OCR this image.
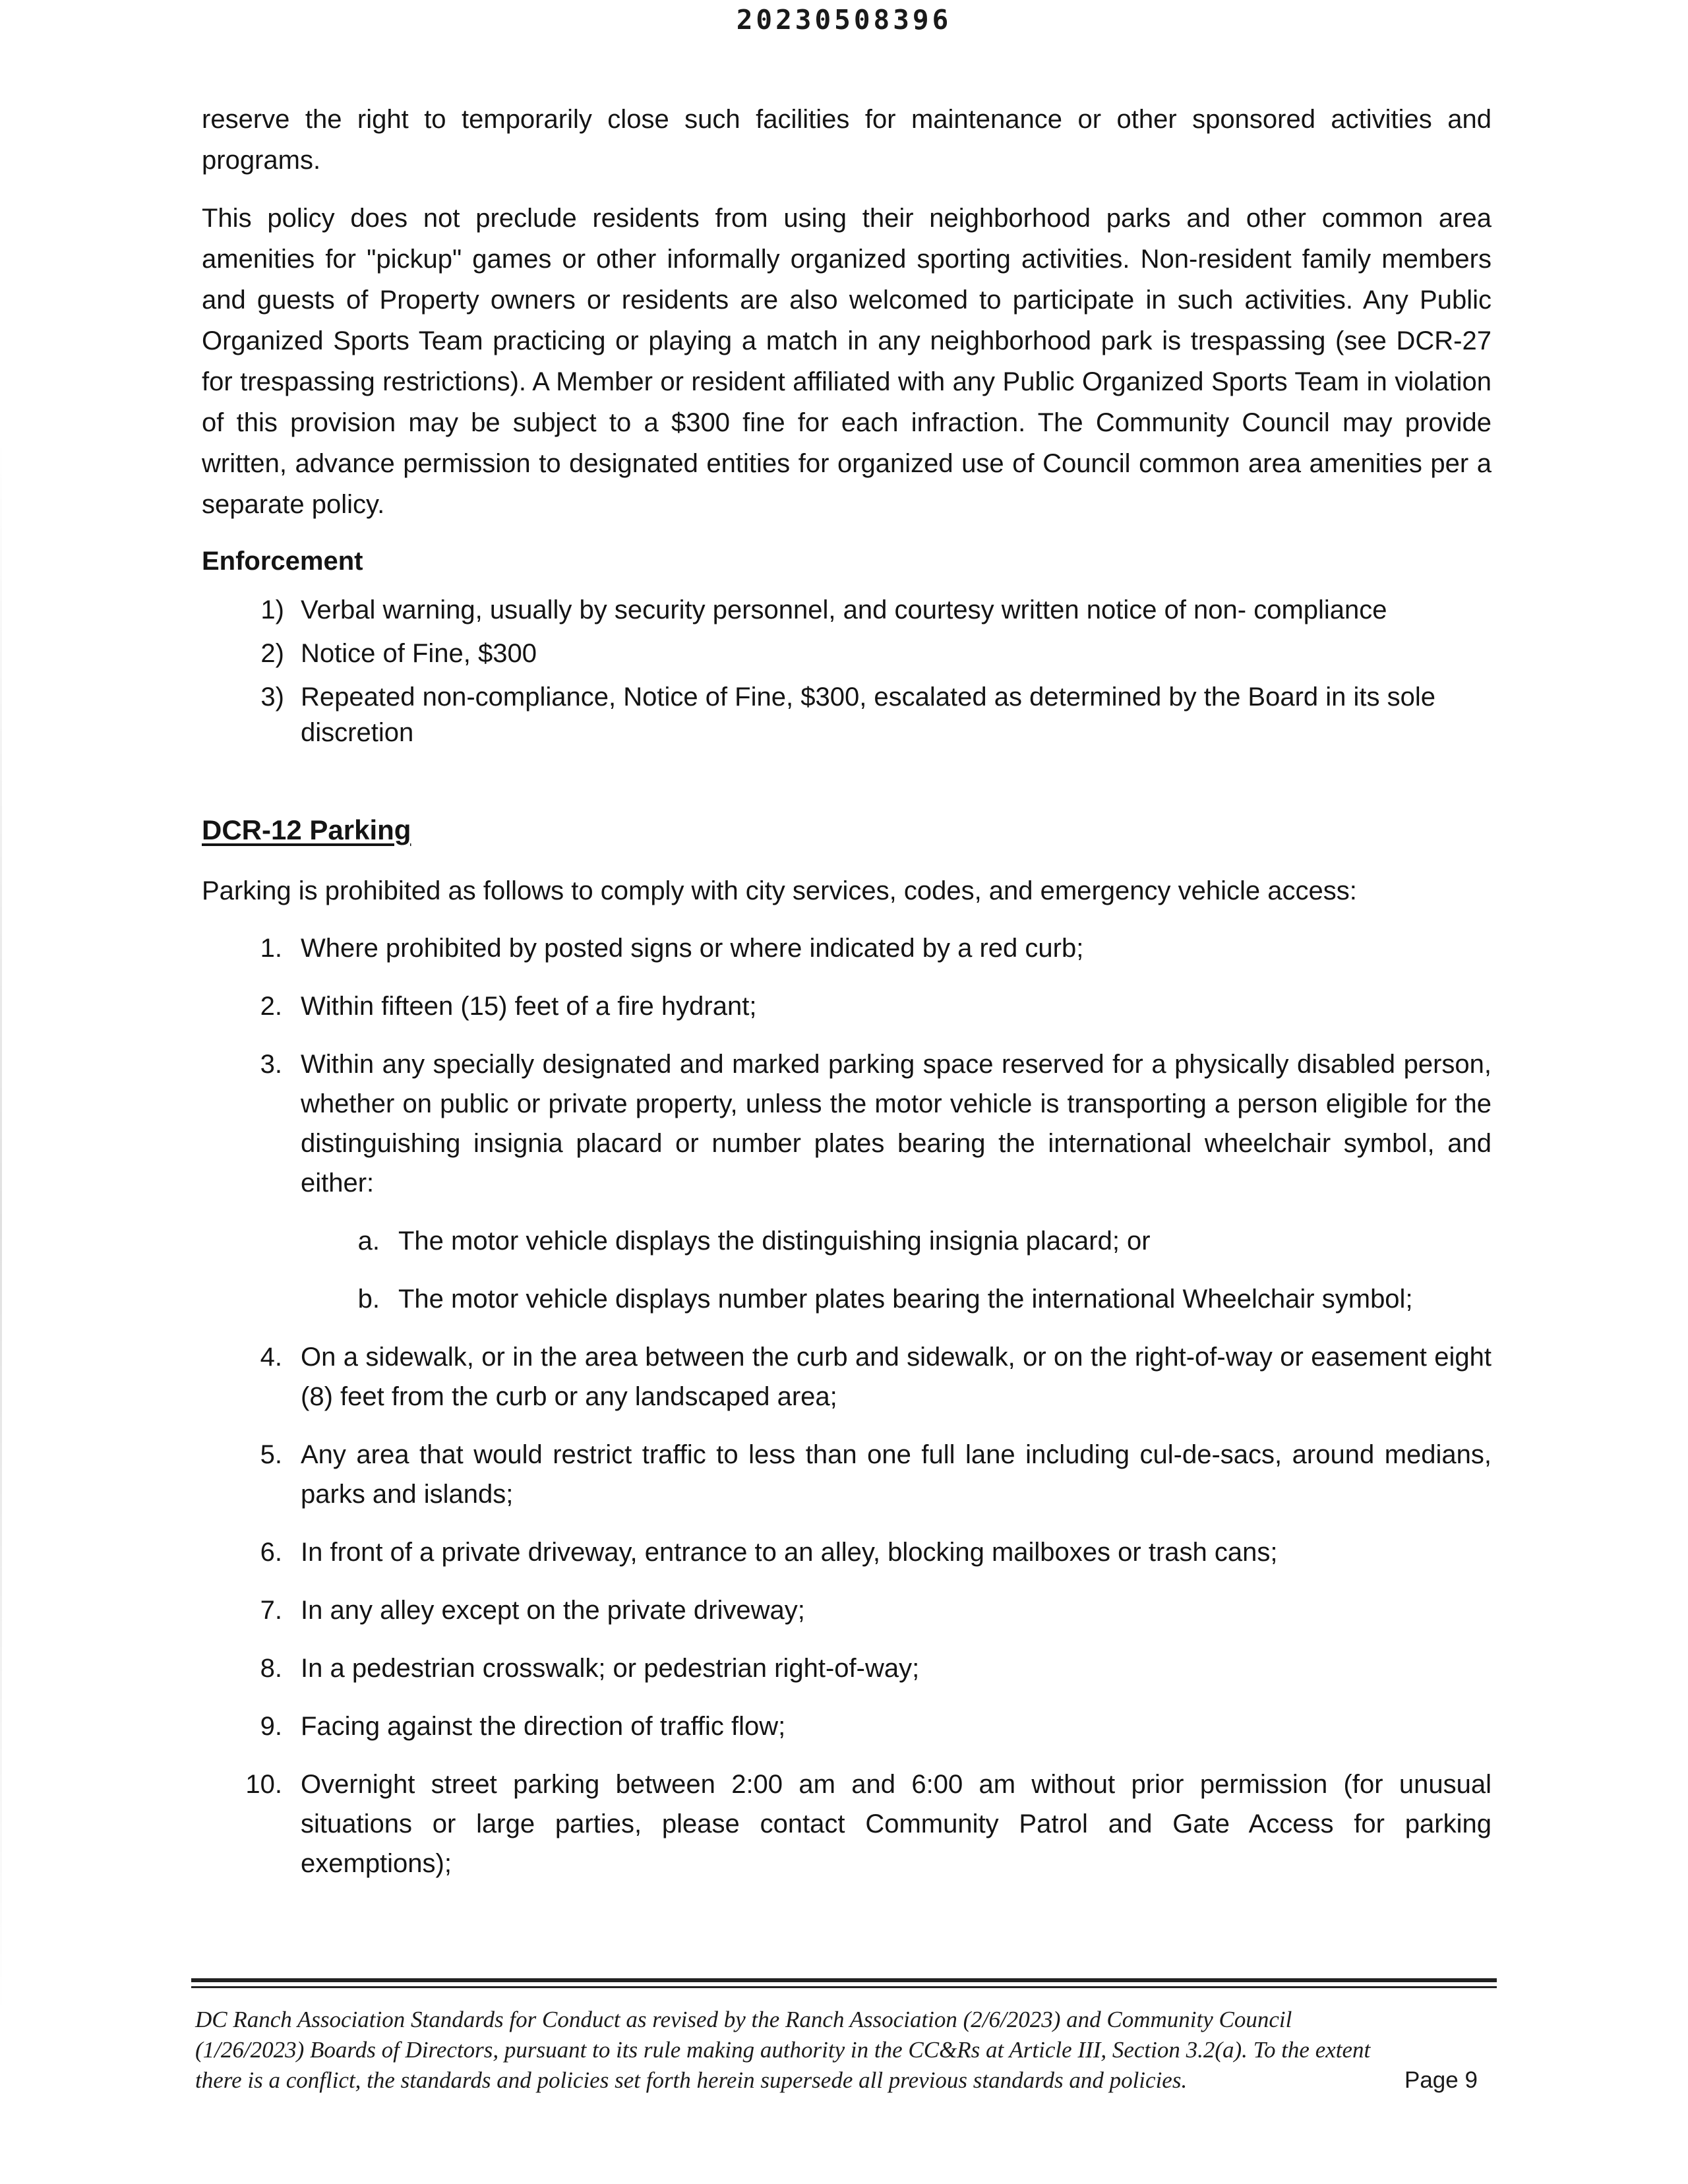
20230508396
reserve the right to temporarily close such facilities for maintenance or other sponsored activities and programs.
This policy does not preclude residents from using their neighborhood parks and other common area amenities for "pickup" games or other informally organized sporting activities. Non-resident family members and guests of Property owners or residents are also welcomed to participate in such activities. Any Public Organized Sports Team practicing or playing a match in any neighborhood park is trespassing (see DCR-27 for trespassing restrictions). A Member or resident affiliated with any Public Organized Sports Team in violation of this provision may be subject to a $300 fine for each infraction. The Community Council may provide written, advance permission to designated entities for organized use of Council common area amenities per a separate policy.
Enforcement
1) Verbal warning, usually by security personnel, and courtesy written notice of non- compliance
2) Notice of Fine, $300
3) Repeated non-compliance, Notice of Fine, $300, escalated as determined by the Board in its sole discretion
DCR-12 Parking
Parking is prohibited as follows to comply with city services, codes, and emergency vehicle access:
1. Where prohibited by posted signs or where indicated by a red curb;
2. Within fifteen (15) feet of a fire hydrant;
3. Within any specially designated and marked parking space reserved for a physically disabled person, whether on public or private property, unless the motor vehicle is transporting a person eligible for the distinguishing insignia placard or number plates bearing the international wheelchair symbol, and either:
a. The motor vehicle displays the distinguishing insignia placard; or
b. The motor vehicle displays number plates bearing the international Wheelchair symbol;
4. On a sidewalk, or in the area between the curb and sidewalk, or on the right-of-way or easement eight (8) feet from the curb or any landscaped area;
5. Any area that would restrict traffic to less than one full lane including cul-de-sacs, around medians, parks and islands;
6. In front of a private driveway, entrance to an alley, blocking mailboxes or trash cans;
7. In any alley except on the private driveway;
8. In a pedestrian crosswalk; or pedestrian right-of-way;
9. Facing against the direction of traffic flow;
10. Overnight street parking between 2:00 am and 6:00 am without prior permission (for unusual situations or large parties, please contact Community Patrol and Gate Access for parking exemptions);
DC Ranch Association Standards for Conduct as revised by the Ranch Association (2/6/2023) and Community Council (1/26/2023) Boards of Directors, pursuant to its rule making authority in the CC&Rs at Article III, Section 3.2(a). To the extent there is a conflict, the standards and policies set forth herein supersede all previous standards and policies.	Page 9
